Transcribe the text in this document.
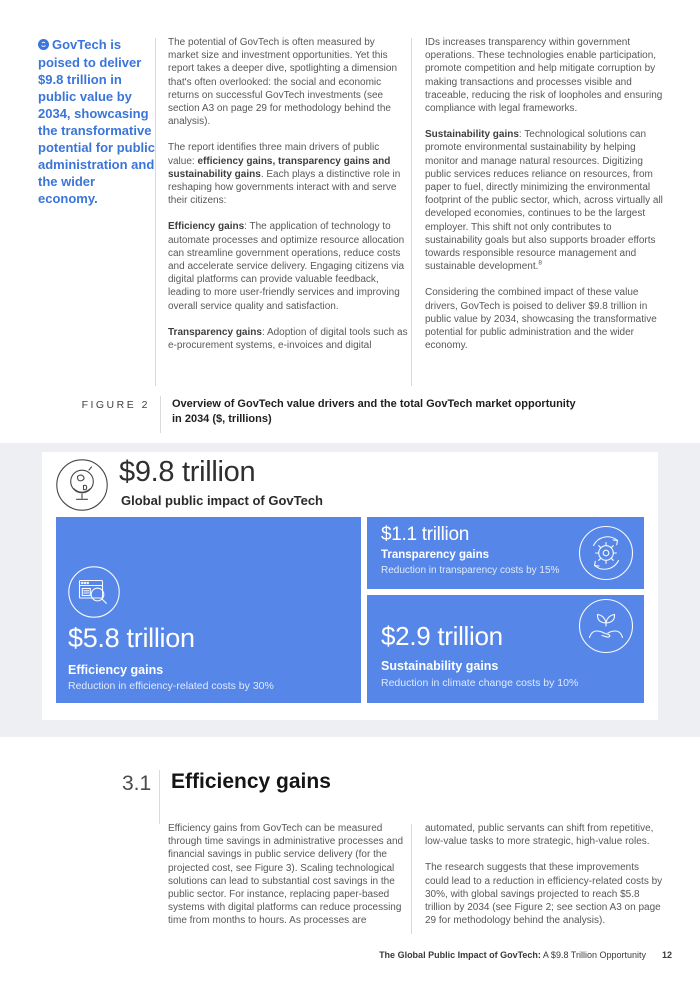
GovTech is poised to deliver $9.8 trillion in public value by 2034, showcasing the transformative potential for public administration and the wider economy.

The potential of GovTech is often measured by market size and investment opportunities. Yet this report takes a deeper dive, spotlighting a dimension that's often overlooked: the social and economic returns on successful GovTech investments (see section A3 on page 29 for methodology behind the analysis).

The report identifies three main drivers of public value: efficiency gains, transparency gains and sustainability gains. Each plays a distinctive role in reshaping how governments interact with and serve their citizens:

Efficiency gains: The application of technology to automate processes and optimize resource allocation can streamline government operations, reduce costs and accelerate service delivery. Engaging citizens via digital platforms can provide valuable feedback, leading to more user-friendly services and improving overall service quality and satisfaction.

Transparency gains: Adoption of digital tools such as e-procurement systems, e-invoices and digital

IDs increases transparency within government operations. These technologies enable participation, promote competition and help mitigate corruption by making transactions and processes visible and traceable, reducing the risk of loopholes and ensuring compliance with legal frameworks.

Sustainability gains: Technological solutions can promote environmental sustainability by helping monitor and manage natural resources. Digitizing public services reduces reliance on resources, from paper to fuel, directly minimizing the environmental footprint of the public sector, which, across virtually all developed economies, continues to be the largest employer. This shift not only contributes to sustainability goals but also supports broader efforts towards responsible resource management and sustainable development.$^8$

Considering the combined impact of these value drivers, GovTech is poised to deliver $9.8 trillion in public value by 2034, showcasing the transformative potential for public administration and the wider economy.

FIGURE 2 Overview of GovTech value drivers and the total GovTech market opportunity
in 2034 ($, trillions)
$9.8 trillion
Global public impact of GovTech
$5.8 trillion
Efficiency gains
Reduction in efficiency-related costs by 30%
$1.1 trillion
Transparency gains
Reduction in transparency costs by 15%
$2.9 trillion
Sustainability gains
Reduction in climate change costs by 10%
3.1 Efficiency gains

Efficiency gains from GovTech can be measured through time savings in administrative processes and financial savings in public service delivery (for the projected cost, see Figure 3). Scaling technological solutions can lead to substantial cost savings in the public sector. For instance, replacing paper-based systems with digital platforms can reduce processing time from months to hours. As processes are

automated, public servants can shift from repetitive, low-value tasks to more strategic, high-value roles.

The research suggests that these improvements could lead to a reduction in efficiency-related costs by 30%, with global savings projected to reach $5.8 trillion by 2034 (see Figure 2; see section A3 on page 29 for methodology behind the analysis).

The Global Public Impact of GovTech: A $9.8 Trillion Opportunity 12
